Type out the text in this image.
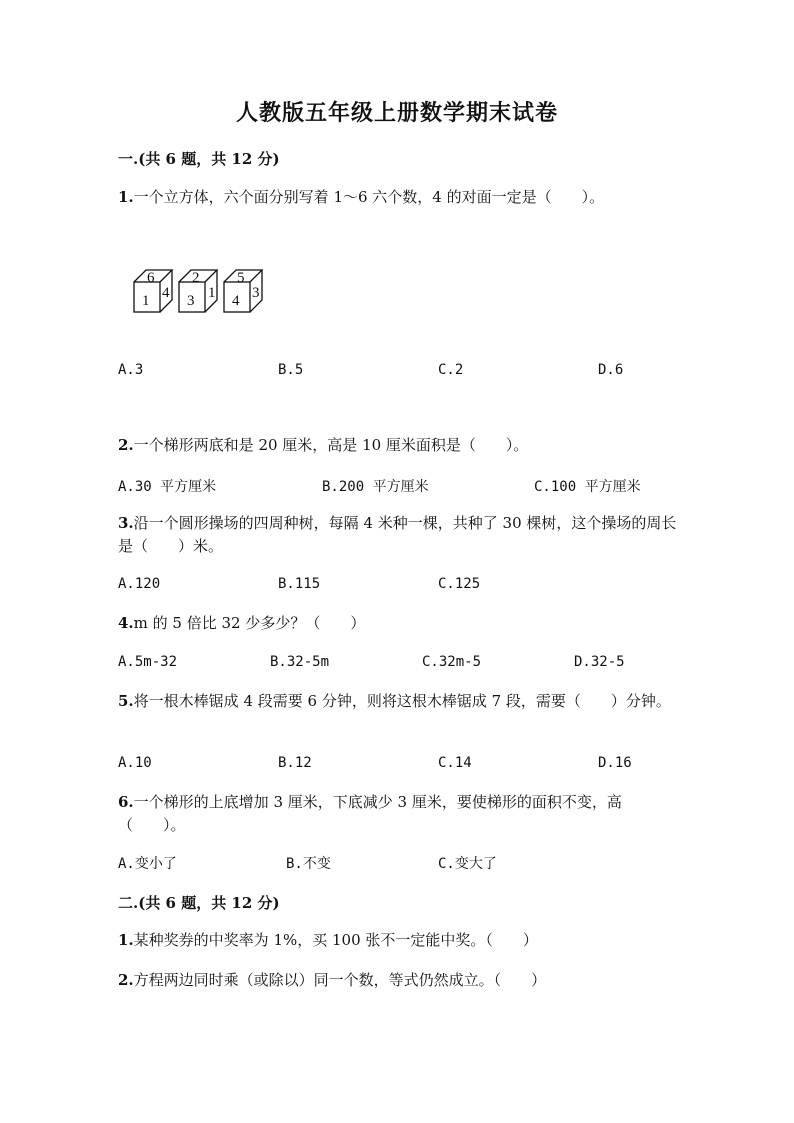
人教版五年级上册数学期末试卷
一.(共 6 题，共 12 分)
1.一个立方体，六个面分别写着 1～6 六个数，4 的对面一定是（　　）。
6
1 4
2
3 1
5
4 3
A.3	B.5	C.2	D.6
2.一个梯形两底和是 20 厘米，高是 10 厘米面积是（　　）。
A.30 平方厘米	B.200 平方厘米	C.100 平方厘米
3.沿一个圆形操场的四周种树，每隔 4 米种一棵，共种了 30 棵树，这个操场的周长是（　　）米。
A.120	B.115	C.125
4.m 的 5 倍比 32 少多少？（　　）
A.5m-32	B.32-5m	C.32m-5	D.32-5
5.将一根木棒锯成 4 段需要 6 分钟，则将这根木棒锯成 7 段，需要（　　）分钟。
A.10	B.12	C.14	D.16
6.一个梯形的上底增加 3 厘米，下底减少 3 厘米，要使梯形的面积不变，高（　　）。
A.变小了	B.不变	C.变大了
二.(共 6 题，共 12 分)
1.某种奖券的中奖率为 1%，买 100 张不一定能中奖。（　　）
2.方程两边同时乘（或除以）同一个数，等式仍然成立。（　　）
